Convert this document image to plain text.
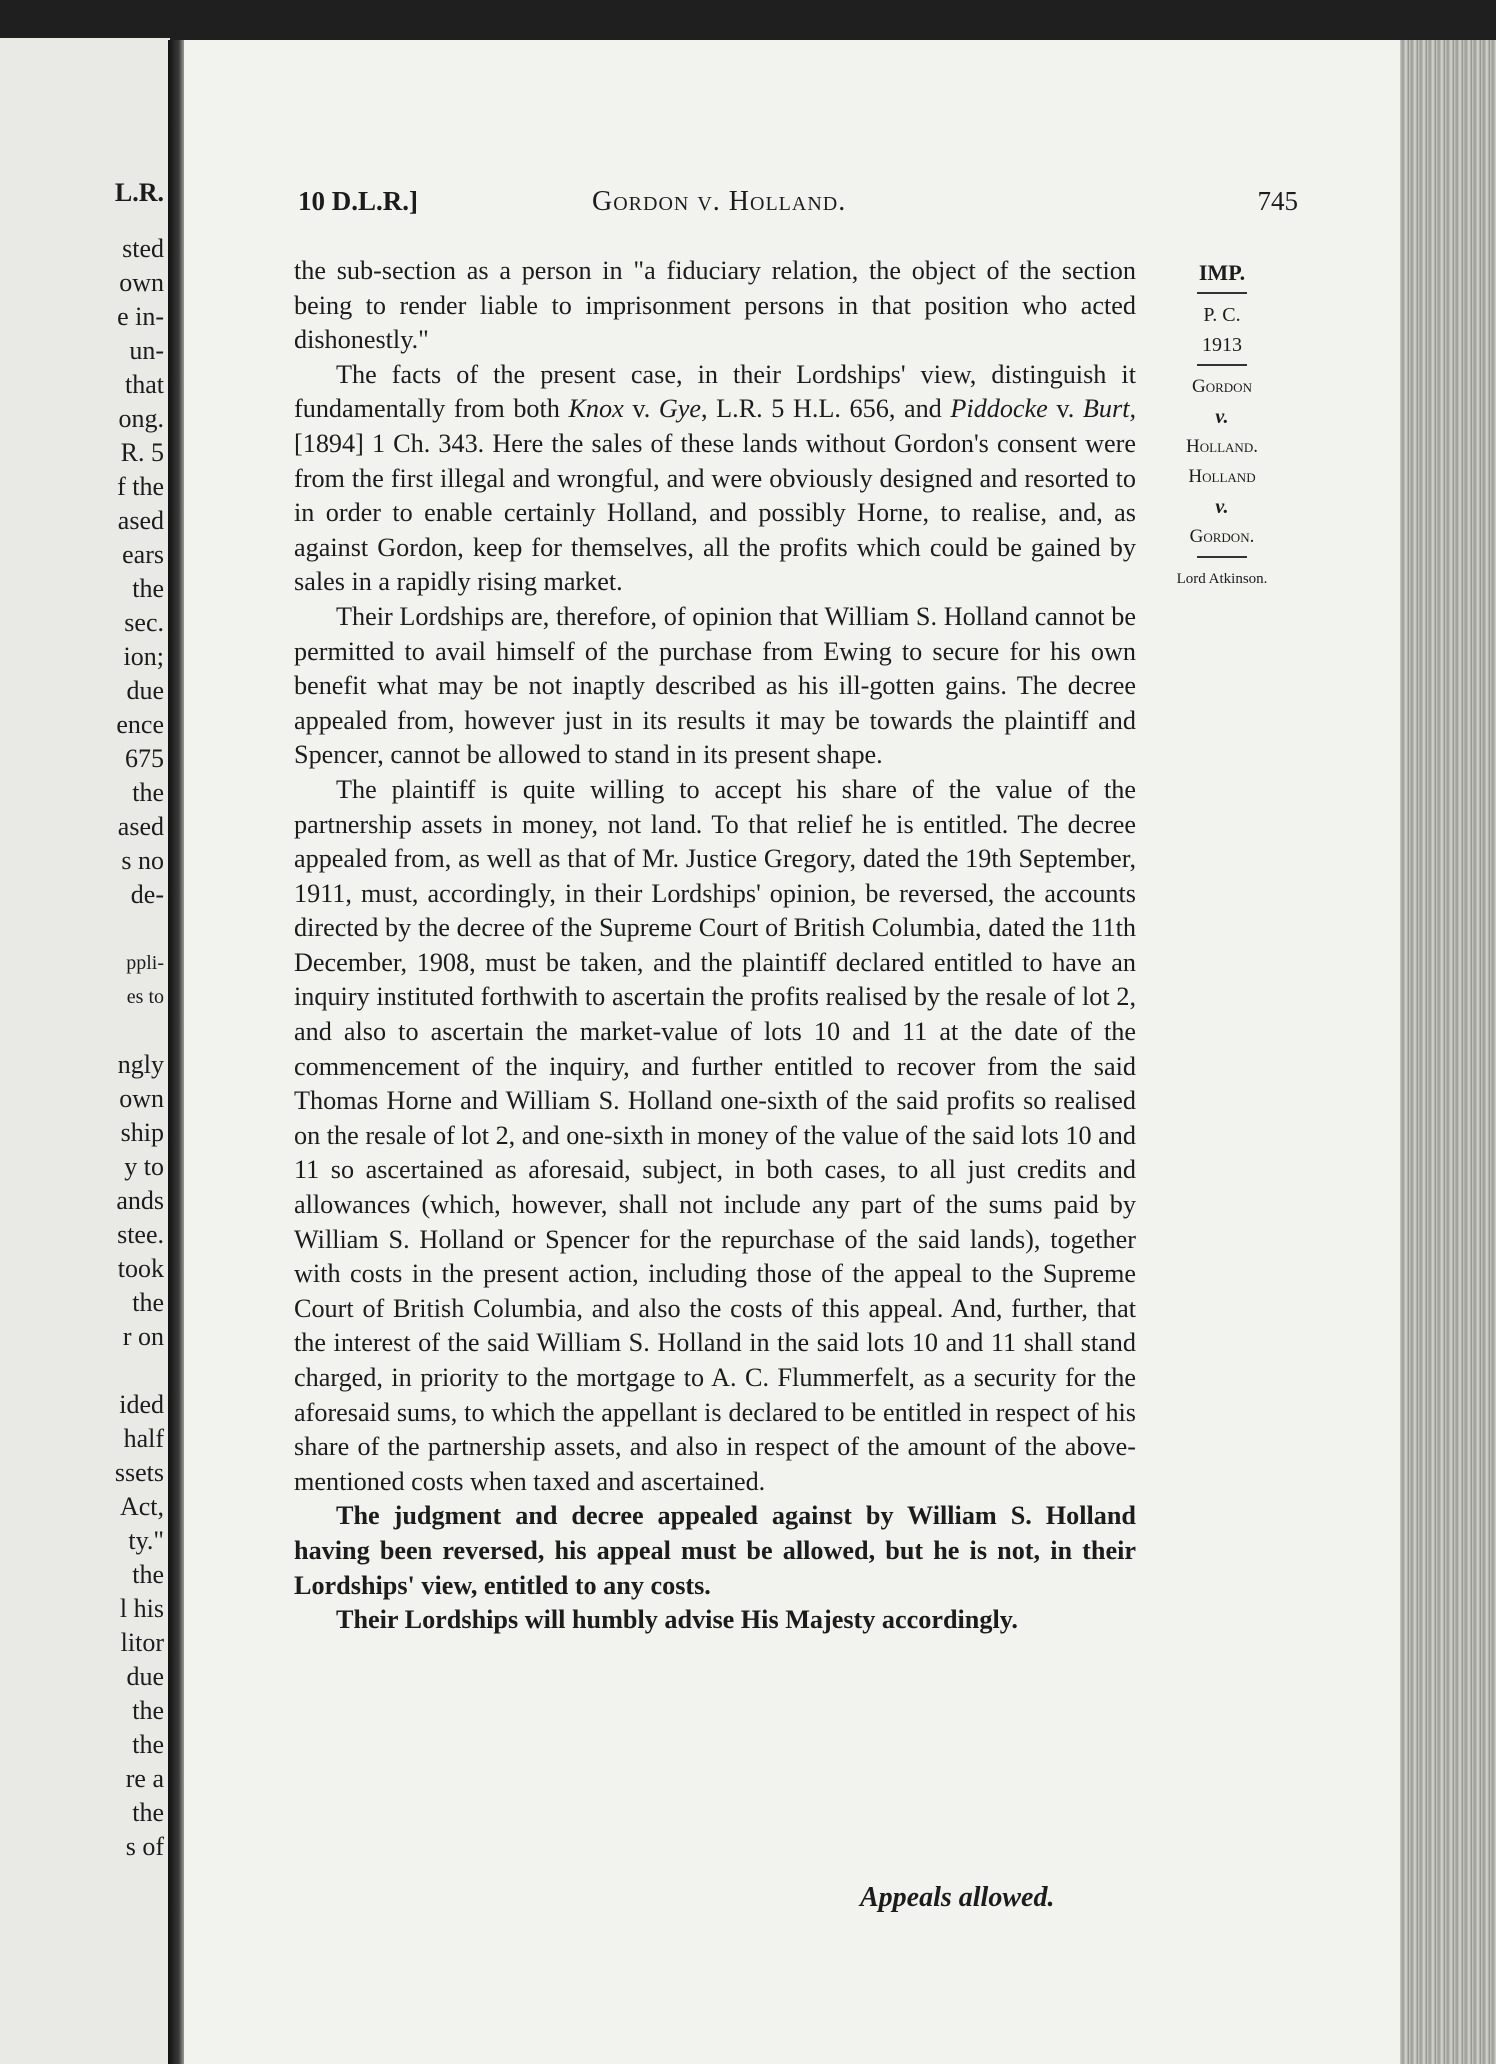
L.R.
sted
own
e in-
un-
that
ong.
R. 5
f the
ased
ears
the
sec.
ion;
due
ence
675
the
ased
s no
de-
ppli-
es to
ngly
own
ship
y to
ands
stee.
took
the
r on
ided
half
ssets
Act,
ty."
the
l his
litor
due
the
the
re a
the
s of
10 D.L.R.]	Gordon v. Holland.	745
IMP.
P. C.
1913
Gordon
v.
Holland.
Holland
v.
Gordon.
Lord Atkinson.

the sub-section as a person in "a fiduciary relation, the object of the section being to render liable to imprisonment persons in that position who acted dishonestly."

The facts of the present case, in their Lordships' view, distinguish it fundamentally from both Knox v. Gye, L.R. 5 H.L. 656, and Piddocke v. Burt, [1894] 1 Ch. 343. Here the sales of these lands without Gordon's consent were from the first illegal and wrongful, and were obviously designed and resorted to in order to enable certainly Holland, and possibly Horne, to realise, and, as against Gordon, keep for themselves, all the profits which could be gained by sales in a rapidly rising market.

Their Lordships are, therefore, of opinion that William S. Holland cannot be permitted to avail himself of the purchase from Ewing to secure for his own benefit what may be not inaptly described as his ill-gotten gains. The decree appealed from, however just in its results it may be towards the plaintiff and Spencer, cannot be allowed to stand in its present shape.

The plaintiff is quite willing to accept his share of the value of the partnership assets in money, not land. To that relief he is entitled. The decree appealed from, as well as that of Mr. Justice Gregory, dated the 19th September, 1911, must, accordingly, in their Lordships' opinion, be reversed, the accounts directed by the decree of the Supreme Court of British Columbia, dated the 11th December, 1908, must be taken, and the plaintiff declared entitled to have an inquiry instituted forthwith to ascertain the profits realised by the resale of lot 2, and also to ascertain the market-value of lots 10 and 11 at the date of the commencement of the inquiry, and further entitled to recover from the said Thomas Horne and William S. Holland one-sixth of the said profits so realised on the resale of lot 2, and one-sixth in money of the value of the said lots 10 and 11 so ascertained as aforesaid, subject, in both cases, to all just credits and allowances (which, however, shall not include any part of the sums paid by William S. Holland or Spencer for the repurchase of the said lands), together with costs in the present action, including those of the appeal to the Supreme Court of British Columbia, and also the costs of this appeal. And, further, that the interest of the said William S. Holland in the said lots 10 and 11 shall stand charged, in priority to the mortgage to A. C. Flummerfelt, as a security for the aforesaid sums, to which the appellant is declared to be entitled in respect of his share of the partnership assets, and also in respect of the amount of the above-mentioned costs when taxed and ascertained.

The judgment and decree appealed against by William S. Holland having been reversed, his appeal must be allowed, but he is not, in their Lordships' view, entitled to any costs.

Their Lordships will humbly advise His Majesty accordingly.

Appeals allowed.
